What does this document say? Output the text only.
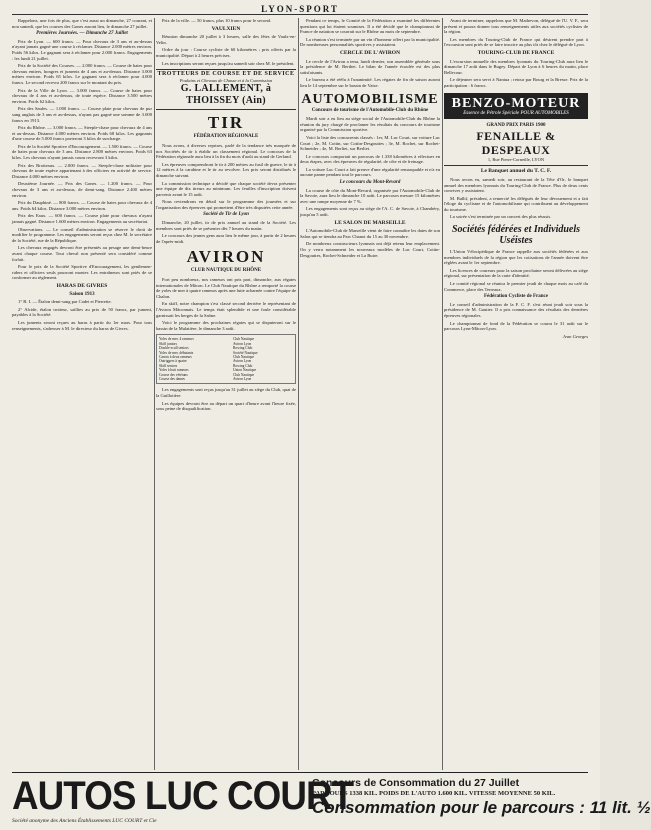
LYON-SPORT

Rappelons, une fois de plus, que c'est aussi un dimanche, 27 courant, et non samedi, que les courses des Gones auront lieu, le dimanche 27 juillet.

Premières Journées. — Dimanche 27 Juillet

Prix de Lyon. — 600 francs. — Pour chevaux de 3 ans et au-dessus n'ayant jamais gagné une course à réclamer. Distance 2.000 mètres environ. Poids 56 kilos. Le gagnant sera à réclamer pour 2.000 francs. Engagements : les lundi 21 juillet.

Prix de la Société des Courses. — 2.000 francs. — Course de haies pour chevaux entiers, hongres et juments de 4 ans et au-dessus. Distance 3.000 mètres environ. Poids 65 kilos. Le gagnant sera à réclamer pour 4.000 francs. Le second recevra 200 francs sur le montant du prix.

Prix de la Ville de Lyon. — 3.000 francs. — Course de haies pour chevaux de 4 ans et au-dessus, de toute espèce. Distance 3.500 mètres environ. Poids 62 kilos.

Prix des Saules. — 1.000 francs. — Course plate pour chevaux de pur sang anglais de 3 ans et au-dessus, n'ayant pas gagné une somme de 3.000 francs en 1913.

Prix du Rhône. — 3.000 francs. — Steeple-chase pour chevaux de 4 ans et au-dessus. Distance 4.000 mètres environ. Poids 68 kilos. Les gagnants d'une course de 5.000 francs porteront 3 kilos de surcharge.

Prix de la Société Sportive d'Encouragement. — 1.500 francs. — Course de haies pour chevaux de 3 ans. Distance 2.800 mètres environ. Poids 63 kilos. Les chevaux n'ayant jamais couru recevront 3 kilos.

Prix des Brotteaux. — 2.000 francs. — Steeple-chase militaire pour chevaux de toute espèce appartenant à des officiers en activité de service. Distance 4.000 mètres environ.

Deuxième Journée. — Prix des Gones. — 1.200 francs. — Pour chevaux de 3 ans et au-dessus, de demi-sang. Distance 2.400 mètres environ.

Prix du Dauphiné. — 800 francs. — Course de haies pour chevaux de 4 ans. Poids 64 kilos. Distance 3.000 mètres environ.

Prix des Eaux. — 600 francs. — Course plate pour chevaux n'ayant jamais gagné. Distance 1.600 mètres environ. Engagements au secrétariat.

Observations. — Le conseil d'administration se réserve le droit de modifier le programme. Les engagements seront reçus chez M. le secrétaire de la Société, rue de la République.

Les chevaux engagés devront être présentés au pesage une demi-heure avant chaque course. Tout cheval non présenté sera considéré comme forfait.

Pour le prix de la Société Sportive d'Encouragement, les gentlemen-riders et officiers seuls pourront monter. Les entraîneurs sont priés de se conformer au règlement.

HARAS DE GIVRES
Saison 1913

1° B. I. — Étalon demi-sang par Cadet et Pierrette.

2° Alcide, étalon trotteur, saillies au prix de 50 francs, par jument, payables à la Société.

Les juments seront reçues au haras à partir du 1er mars. Pour tous renseignements, s'adresser à M. le directeur du haras de Givres.

Prix de la ville. — 50 francs, plus 10 francs pour le second.

VAULXIEN

Réunion dimanche 20 juillet à 3 heures, salle des fêtes de Vaulx-en-Velin.

Ordre du jour : Course cycliste de 60 kilomètres ; prix offerts par la municipalité. Départ à 2 heures précises.

Les inscriptions seront reçues jusqu'au samedi soir chez M. le président.

TROTTEURS DE COURSE ET DE SERVICE
Poulains et Chevaux de Chasse et à la Commission
G. LALLEMENT, à THOISSEY (Ain)
TIR
FÉDÉRATION RÉGIONALE

Nous avons, à diverses reprises, parlé de la tendance très marquée de nos Sociétés de tir à établir un classement régional. Le concours de la Fédération régionale aura lieu à la fin du mois d'août au stand de Gerland.

Les épreuves comprendront le tir à 200 mètres au fusil de guerre, le tir à 12 mètres à la carabine et le tir au revolver. Les prix seront distribués le dimanche suivant.

La commission technique a décidé que chaque société devra présenter une équipe de dix tireurs au minimum. Les feuilles d'inscription doivent parvenir avant le 15 août.

Nous reviendrons en détail sur le programme des journées et sur l'organisation des épreuves qui promettent d'être très disputées cette année.

Société de Tir de Lyon

Dimanche, 20 juillet, tir de prix annuel au stand de la Société. Les membres sont priés de se présenter dès 7 heures du matin.

Le concours des jeunes gens aura lieu le même jour, à partir de 2 heures de l'après-midi.

AVIRON
CLUB NAUTIQUE DU RHÔNE

Fort peu nombreux, nos rameurs ont pris part, dimanche, aux régates internationales de Mâcon. Le Club Nautique du Rhône a remporté la course de yoles de mer à quatre rameurs après une lutte acharnée contre l'équipe de Chalon.

En skiff, notre champion s'est classé second derrière le représentant de l'Aviron Mâconnais. Le temps était splendide et une foule considérable garnissait les berges de la Saône.

Voici le programme des prochaines régates qui se disputeront sur le bassin de la Mulatière, le dimanche 3 août.

Yoles de mer, 4 rameurs	Club Nautique
Skiff juniors	Aviron Lyon
Double-scull seniors	Rowing Club
Yoles de mer, débutants	Société Nautique
Canots à deux rameurs	Club Nautique
Outriggers à quatre	Aviron Lyon
Skiff seniors	Rowing Club
Yoles à huit rameurs	Union Nautique
Course des vétérans	Club Nautique
Course des dames	Aviron Lyon

Les engagements sont reçus jusqu'au 31 juillet au siège du Club, quai de la Guillotière.

Les équipes devront être au départ un quart d'heure avant l'heure fixée, sous peine de disqualification.

Pendant ce temps, le Comité de la Fédération a examiné les différentes questions qui lui étaient soumises. Il a été décidé que le championnat de France de natation se courrait sur le Rhône au mois de septembre.

La réunion s'est terminée par un vin d'honneur offert par la municipalité. De nombreuses personnalités sportives y assistaient.

CERCLE DE L'AVIRON

Le cercle de l'Aviron a tenu, lundi dernier, son assemblée générale sous la présidence de M. Berthet. Le bilan de l'année écoulée est des plus satisfaisants.

Le bureau a été réélu à l'unanimité. Les régates de fin de saison auront lieu le 14 septembre sur le bassin de Vaise.

AUTOMOBILISME
Concours de tourisme de l'Automobile-Club du Rhône

Mardi soir a eu lieu au siège social de l'Automobile-Club du Rhône la réunion du jury chargé de proclamer les résultats du concours de tourisme organisé par la Commission sportive.

Voici la liste des concurrents classés : 1er, M. Luc Court, sur voiture Luc Court ; 2e, M. Cottin, sur Cottin-Desgouttes ; 3e, M. Rochet, sur Rochet-Schneider ; 4e, M. Berliet, sur Berliet.

Le concours comportait un parcours de 1.338 kilomètres à effectuer en deux étapes, avec des épreuves de régularité, de côte et de freinage.

La voiture Luc Court a fait preuve d'une régularité remarquable et n'a eu aucune panne pendant tout le parcours.

Le concours du Mont-Revard

La course de côte du Mont-Revard, organisée par l'Automobile-Club de la Savoie, aura lieu le dimanche 10 août. Le parcours mesure 15 kilomètres avec une rampe moyenne de 7 %.

Les engagements sont reçus au siège de l'A. C. de Savoie, à Chambéry, jusqu'au 5 août.

LE SALON DE MARSEILLE

L'Automobile-Club de Marseille vient de faire connaître les dates de son Salon qui se tiendra au Parc Chanot du 15 au 30 novembre.

De nombreux constructeurs lyonnais ont déjà retenu leur emplacement. On y verra notamment les nouveaux modèles de Luc Court, Cottin-Desgouttes, Rochet-Schneider et La Buire.

Avant de terminer, rappelons que M. Mathevon, délégué de l'U. V. F., sera présent et pourra donner tous renseignements utiles aux sociétés cyclistes de la région.

Les membres du Touring-Club de France qui désirent prendre part à l'excursion sont priés de se faire inscrire au plus tôt chez le délégué de Lyon.

TOURING-CLUB DE FRANCE

L'excursion annuelle des membres lyonnais du Touring-Club aura lieu le dimanche 17 août dans le Bugey. Départ de Lyon à 6 heures du matin, place Bellecour.

Le déjeuner sera servi à Nantua ; retour par Bourg et la Bresse. Prix de la participation : 6 francs.

BENZO-MOTEUR
Essence de Pétrole Spéciale POUR AUTOMOBILES
GRAND PRIX PARIS 1900
FENAILLE & DESPEAUX
1, Rue Pierre-Corneille, LYON
Le Banquet annuel du T. C. F.

Nous avons eu, samedi soir, au restaurant de la Tête d'Or, le banquet annuel des membres lyonnais du Touring-Club de France. Plus de deux cents convives y assistaient.

M. Ballif, président, a remercié les délégués de leur dévouement et a fait l'éloge du cyclisme et de l'automobilisme qui contribuent au développement du tourisme.

La soirée s'est terminée par un concert des plus réussis.

Sociétés fédérées et Individuels Uséistes

L'Union Vélocipédique de France rappelle aux sociétés fédérées et aux membres individuels de la région que les cotisations de l'année doivent être réglées avant le 1er septembre.

Les licences de coureurs pour la saison prochaine seront délivrées au siège régional, sur présentation de la carte d'identité.

Le comité régional se réunira le premier jeudi de chaque mois au café du Commerce, place des Terreaux.

Fédération Cycliste de France

Le conseil d'administration de la F. C. F. s'est réuni jeudi soir sous la présidence de M. Gautier. Il a pris connaissance des résultats des dernières épreuves régionales.

Le championnat de fond de la Fédération se courra le 31 août sur le parcours Lyon-Mâcon-Lyon.

Jean Georges
AUTOS LUC COURT
Société anonyme des Anciens Établissements LUC COURT et Cie
Concours de Consommation du 27 Juillet
PARCOURS 1338 KIL. POIDS DE L'AUTO 1.600 KIL. VITESSE MOYENNE 50 KIL.
Consommation pour le parcours : 11 lit. ½
